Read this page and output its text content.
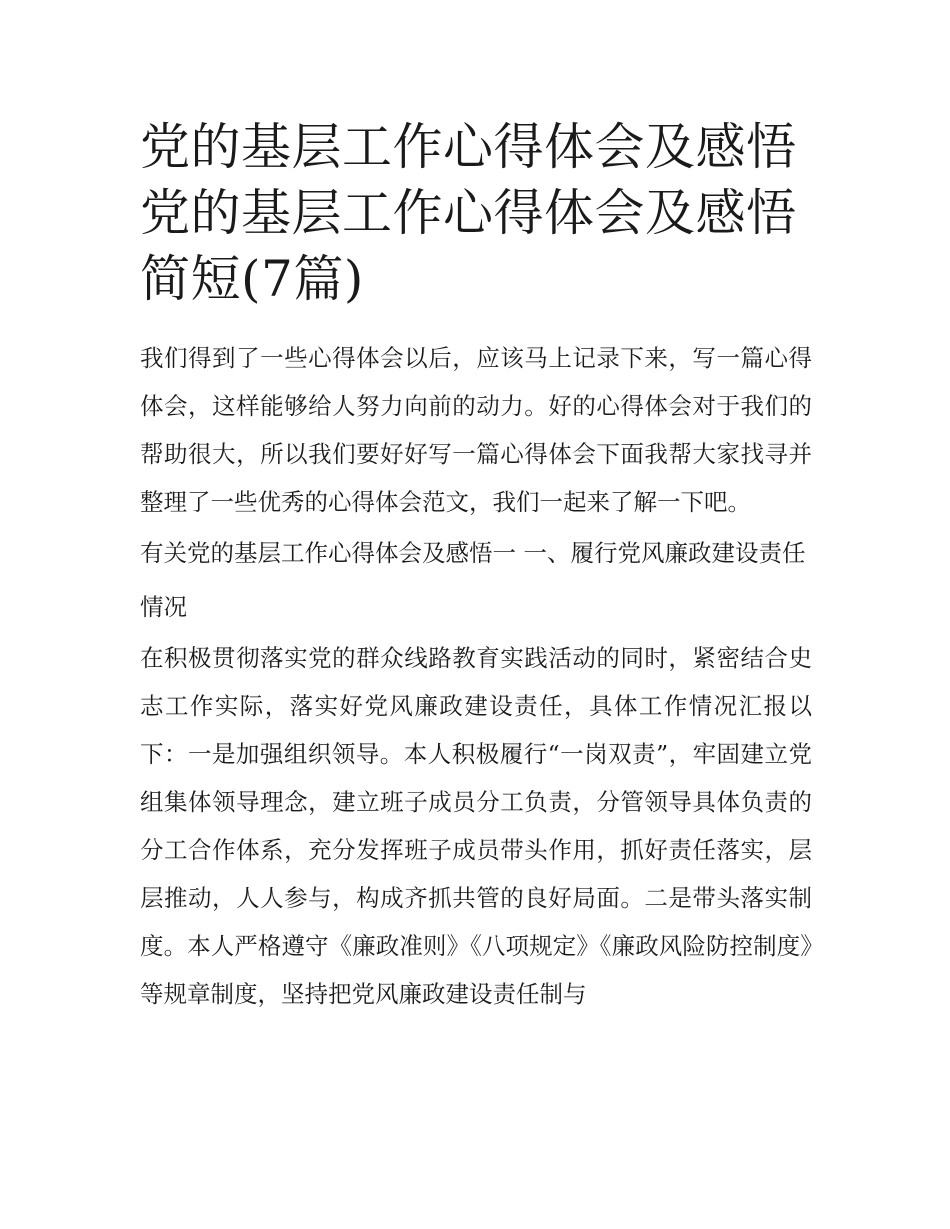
党的基层工作心得体会及感悟
党的基层工作心得体会及感悟
简短(7篇)

我们得到了一些心得体会以后，应该马上记录下来，写一篇心得体会，这样能够给人努力向前的动力。好的心得体会对于我们的帮助很大，所以我们要好好写一篇心得体会下面我帮大家找寻并整理了一些优秀的心得体会范文，我们一起来了解一下吧。

有关党的基层工作心得体会及感悟一 一、履行党风廉政建设责任情况

在积极贯彻落实党的群众线路教育实践活动的同时，紧密结合史志工作实际，落实好党风廉政建设责任，具体工作情况汇报以下：一是加强组织领导。本人积极履行“一岗双责”，牢固建立党组集体领导理念，建立班子成员分工负责，分管领导具体负责的分工合作体系，充分发挥班子成员带头作用，抓好责任落实，层层推动，人人参与，构成齐抓共管的良好局面。二是带头落实制度。本人严格遵守《廉政准则》《八项规定》《廉政风险防控制度》等规章制度，坚持把党风廉政建设责任制与
